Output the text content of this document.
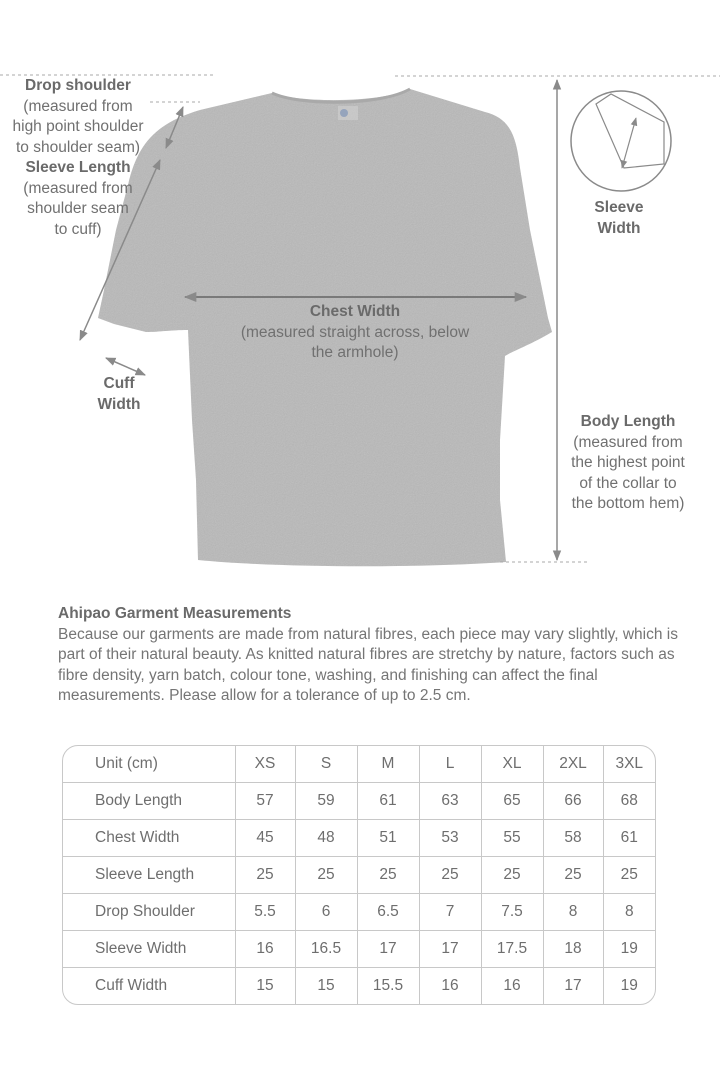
Drop shoulder
(measured from
high point shoulder
to shoulder seam)
Sleeve Length
(measured from
shoulder seam
to cuff)
Cuff
Width
Chest Width
(measured straight across, below
the armhole)
Sleeve
Width
Body Length
(measured from
the highest point
of the collar to
the bottom hem)
Ahipao Garment Measurements
Because our garments are made from natural fibres, each piece may vary slightly, which is part of their natural beauty. As knitted natural fibres are stretchy by nature, factors such as fibre density, yarn batch, colour tone, washing, and finishing can affect the final measurements. Please allow for a tolerance of up to 2.5 cm.
Unit (cm)	XS	S	M	L	XL	2XL	3XL
Body Length	57	59	61	63	65	66	68
Chest Width	45	48	51	53	55	58	61
Sleeve Length	25	25	25	25	25	25	25
Drop Shoulder	5.5	6	6.5	7	7.5	8	8
Sleeve Width	16	16.5	17	17	17.5	18	19
Cuff Width	15	15	15.5	16	16	17	19
